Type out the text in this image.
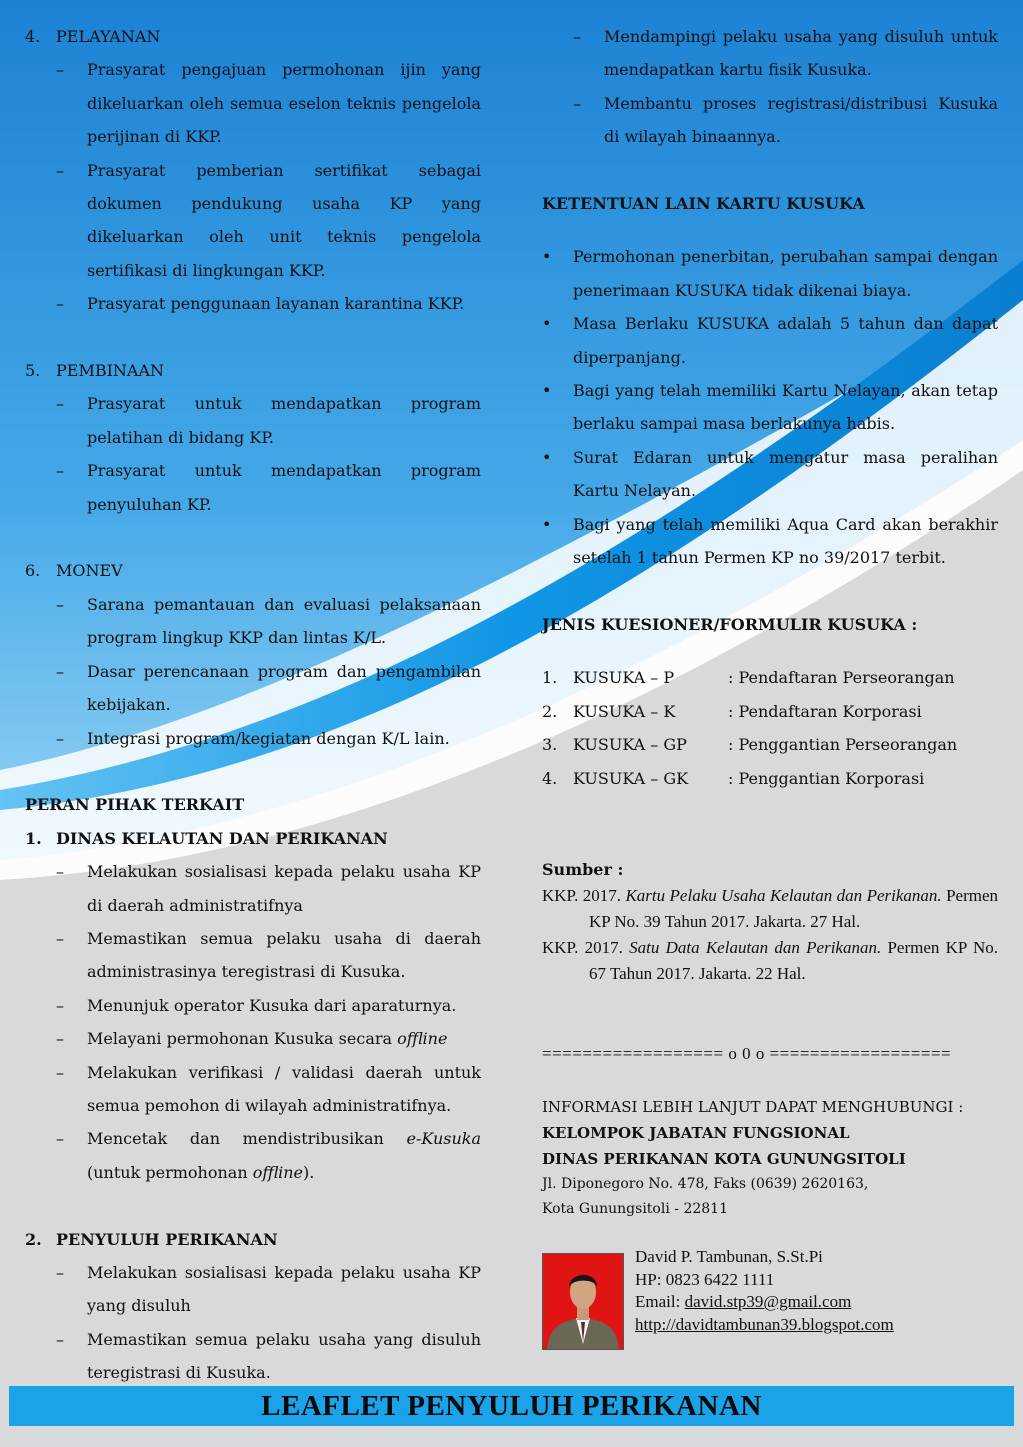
4. PELAYANAN
– Prasyarat pengajuan permohonan ijin yang dikeluarkan oleh semua eselon teknis pengelola perijinan di KKP.
– Prasyarat pemberian sertifikat sebagai dokumen pendukung usaha KP yang dikeluarkan oleh unit teknis pengelola sertifikasi di lingkungan KKP.
– Prasyarat penggunaan layanan karantina KKP.
5. PEMBINAAN
– Prasyarat untuk mendapatkan program pelatihan di bidang KP.
– Prasyarat untuk mendapatkan program penyuluhan KP.
6. MONEV
– Sarana pemantauan dan evaluasi pelaksanaan program lingkup KKP dan lintas K/L.
– Dasar perencanaan program dan pengambilan kebijakan.
– Integrasi program/kegiatan dengan K/L lain.
PERAN PIHAK TERKAIT
1. DINAS KELAUTAN DAN PERIKANAN
– Melakukan sosialisasi kepada pelaku usaha KP di daerah administratifnya
– Memastikan semua pelaku usaha di daerah administrasinya teregistrasi di Kusuka.
– Menunjuk operator Kusuka dari aparaturnya.
– Melayani permohonan Kusuka secara offline
– Melakukan verifikasi / validasi daerah untuk semua pemohon di wilayah administratifnya.
– Mencetak dan mendistribusikan e-Kusuka (untuk permohonan offline).
2. PENYULUH PERIKANAN
– Melakukan sosialisasi kepada pelaku usaha KP yang disuluh
– Memastikan semua pelaku usaha yang disuluh teregistrasi di Kusuka.
– Mendampingi pelaku usaha yang disuluh untuk mendapatkan kartu fisik Kusuka.
– Membantu proses registrasi/distribusi Kusuka di wilayah binaannya.
KETENTUAN LAIN KARTU KUSUKA
• Permohonan penerbitan, perubahan sampai dengan penerimaan KUSUKA tidak dikenai biaya.
• Masa Berlaku KUSUKA adalah 5 tahun dan dapat diperpanjang.
• Bagi yang telah memiliki Kartu Nelayan, akan tetap berlaku sampai masa berlakunya habis.
• Surat Edaran untuk mengatur masa peralihan Kartu Nelayan.
• Bagi yang telah memiliki Aqua Card akan berakhir setelah 1 tahun Permen KP no 39/2017 terbit.
JENIS KUESIONER/FORMULIR KUSUKA :
1.	KUSUKA – P	: Pendaftaran Perseorangan
2.	KUSUKA – K	: Pendaftaran Korporasi
3.	KUSUKA – GP	: Penggantian Perseorangan
4.	KUSUKA – GK	: Penggantian Korporasi
Sumber :

KKP. 2017. Kartu Pelaku Usaha Kelautan dan Perikanan. Permen KP No. 39 Tahun 2017. Jakarta. 27 Hal.

KKP. 2017. Satu Data Kelautan dan Perikanan. Permen KP No. 67 Tahun 2017. Jakarta. 22 Hal.

================== o 0 o ==================
INFORMASI LEBIH LANJUT DAPAT MENGHUBUNGI :
KELOMPOK JABATAN FUNGSIONAL
DINAS PERIKANAN KOTA GUNUNGSITOLI
Jl. Diponegoro No. 478, Faks (0639) 2620163,
Kota Gunungsitoli - 22811
David P. Tambunan, S.St.Pi
HP: 0823 6422 1111
Email: david.stp39@gmail.com
http://davidtambunan39.blogspot.com
LEAFLET PENYULUH PERIKANAN
